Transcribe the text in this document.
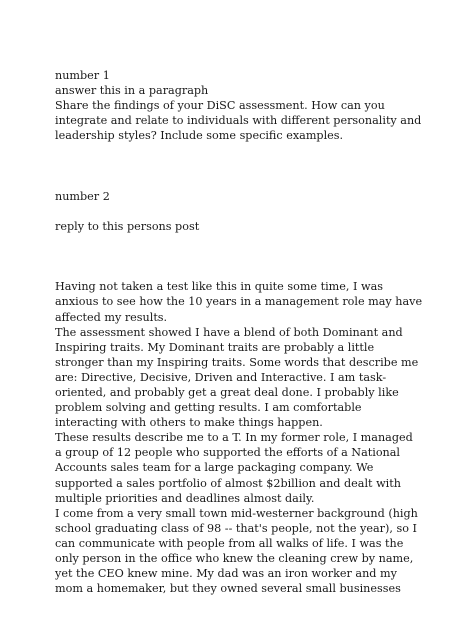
number 1
answer this in a paragraph
Share the findings of your DiSC assessment. How can you
integrate and relate to individuals with different personality and
leadership styles? Include some specific examples.
number 2
reply to this persons post
Having not taken a test like this in quite some time, I was
anxious to see how the 10 years in a management role may have
affected my results.
The assessment showed I have a blend of both Dominant and
Inspiring traits. My Dominant traits are probably a little
stronger than my Inspiring traits. Some words that describe me
are: Directive, Decisive, Driven and Interactive. I am task-
oriented, and probably get a great deal done. I probably like
problem solving and getting results. I am comfortable
interacting with others to make things happen.
These results describe me to a T. In my former role, I managed
a group of 12 people who supported the efforts of a National
Accounts sales team for a large packaging company. We
supported a sales portfolio of almost $2billion and dealt with
multiple priorities and deadlines almost daily.
I come from a very small town mid-westerner background (high
school graduating class of 98 -- that's people, not the year), so I
can communicate with people from all walks of life. I was the
only person in the office who knew the cleaning crew by name,
yet the CEO knew mine. My dad was an iron worker and my
mom a homemaker, but they owned several small businesses
